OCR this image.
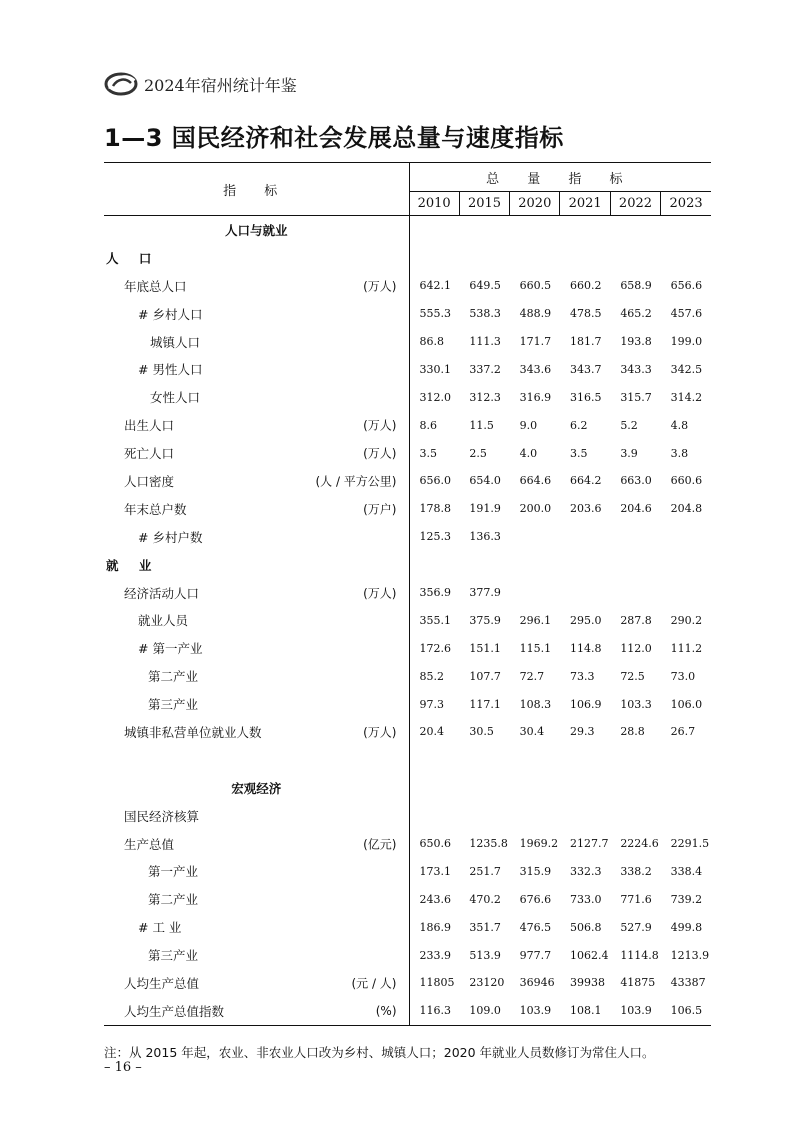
2024年宿州统计年鉴
1—3 国民经济和社会发展总量与速度指标
指 标	总 量 指 标					
	2010	2015	2020	2021	2022	2023

人口与就业						

人 口						

年底总人口 (万人)	642.1	649.5	660.5	660.2	658.9	656.6

# 乡村人口	555.3	538.3	488.9	478.5	465.2	457.6

城镇人口	86.8	111.3	171.7	181.7	193.8	199.0

# 男性人口	330.1	337.2	343.6	343.7	343.3	342.5

女性人口	312.0	312.3	316.9	316.5	315.7	314.2

出生人口 (万人)	8.6	11.5	9.0	6.2	5.2	4.8

死亡人口 (万人)	3.5	2.5	4.0	3.5	3.9	3.8

人口密度 (人 / 平方公里)	656.0	654.0	664.6	664.2	663.0	660.6

年末总户数 (万户)	178.8	191.9	200.0	203.6	204.6	204.8

# 乡村户数	125.3	136.3				

就 业						

经济活动人口 (万人)	356.9	377.9				

就业人员	355.1	375.9	296.1	295.0	287.8	290.2

# 第一产业	172.6	151.1	115.1	114.8	112.0	111.2

第二产业	85.2	107.7	72.7	73.3	72.5	73.0

第三产业	97.3	117.1	108.3	106.9	103.3	106.0

城镇非私营单位就业人数 (万人)	20.4	30.5	30.4	29.3	28.8	26.7

宏观经济						

国民经济核算						

生产总值 (亿元)	650.6	1235.8	1969.2	2127.7	2224.6	2291.5

第一产业	173.1	251.7	315.9	332.3	338.2	338.4

第二产业	243.6	470.2	676.6	733.0	771.6	739.2

# 工 业	186.9	351.7	476.5	506.8	527.9	499.8

第三产业	233.9	513.9	977.7	1062.4	1114.8	1213.9

人均生产总值 (元 / 人)	11805	23120	36946	39938	41875	43387

人均生产总值指数 (%)	116.3	109.0	103.9	108.1	103.9	106.5
注：从 2015 年起，农业、非农业人口改为乡村、城镇人口；2020 年就业人员数修订为常住人口。
– 16 –
